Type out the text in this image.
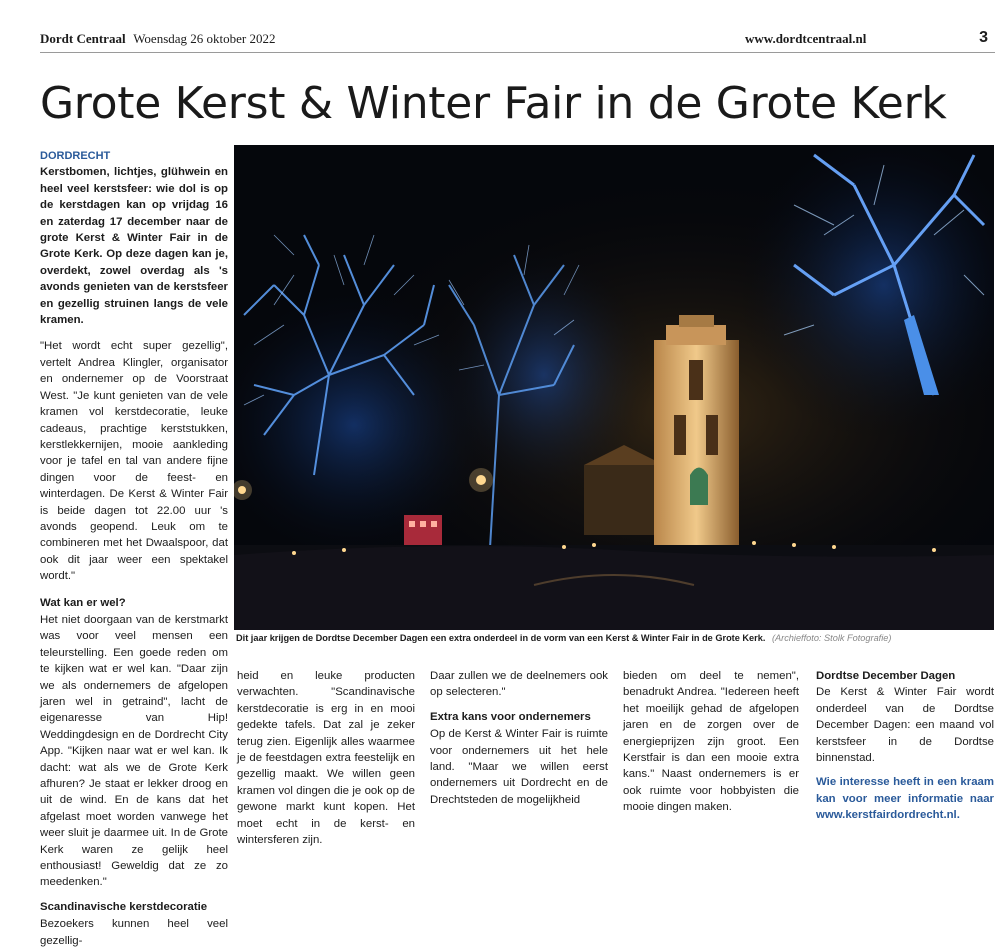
Dordt Centraal Woensdag 26 oktober 2022	www.dordtcentraal.nl	3
Grote Kerst & Winter Fair in de Grote Kerk
DORDRECHT

Kerstbomen, lichtjes, glühwein en heel veel kerstsfeer: wie dol is op de kerstdagen kan op vrijdag 16 en zaterdag 17 december naar de grote Kerst & Winter Fair in de Grote Kerk. Op deze dagen kan je, overdekt, zowel overdag als 's avonds genieten van de kerstsfeer en gezellig struinen langs de vele kramen.

"Het wordt echt super gezellig", vertelt Andrea Klingler, organisator en ondernemer op de Voorstraat West. "Je kunt genieten van de vele kramen vol kerstdecoratie, leuke cadeaus, prachtige kerststukken, kerstlekkernijen, mooie aankleding voor je tafel en tal van andere fijne dingen voor de feest- en winterdagen. De Kerst & Winter Fair is beide dagen tot 22.00 uur 's avonds geopend. Leuk om te combineren met het Dwaalspoor, dat ook dit jaar weer een spektakel wordt."

Wat kan er wel?

Het niet doorgaan van de kerstmarkt was voor veel mensen een teleurstelling. Een goede reden om te kijken wat er wel kan. "Daar zijn we als ondernemers de afgelopen jaren wel in getraind", lacht de eigenaresse van Hip! Weddingdesign en de Dordrecht City App. "Kijken naar wat er wel kan. Ik dacht: wat als we de Grote Kerk afhuren? Je staat er lekker droog en uit de wind. En de kans dat het afgelast moet worden vanwege het weer sluit je daarmee uit. In de Grote Kerk waren ze gelijk heel enthousiast! Geweldig dat ze zo meedenken."

Scandinavische kerstdecoratie

Bezoekers kunnen heel veel gezellig-

Dit jaar krijgen de Dordtse December Dagen een extra onderdeel in de vorm van een Kerst & Winter Fair in de Grote Kerk. (Archieffoto: Stolk Fotografie)

heid en leuke producten verwachten. "Scandinavische kerstdecoratie is erg in en mooi gedekte tafels. Dat zal je zeker terug zien. Eigenlijk alles waarmee je de feestdagen extra feestelijk en gezellig maakt. We willen geen kramen vol dingen die je ook op de gewone markt kunt kopen. Het moet echt in de kerst- en wintersferen zijn.

Daar zullen we de deelnemers ook op selecteren."

Extra kans voor ondernemers

Op de Kerst & Winter Fair is ruimte voor ondernemers uit het hele land. "Maar we willen eerst ondernemers uit Dordrecht en de Drechtsteden de mogelijkheid

bieden om deel te nemen", benadrukt Andrea. "Iedereen heeft het moeilijk gehad de afgelopen jaren en de zorgen over de energieprijzen zijn groot. Een Kerstfair is dan een mooie extra kans." Naast ondernemers is er ook ruimte voor hobbyisten die mooie dingen maken.

Dordtse December Dagen

De Kerst & Winter Fair wordt onderdeel van de Dordtse December Dagen: een maand vol kerstsfeer in de Dordtse binnenstad.

Wie interesse heeft in een kraam kan voor meer informatie naar www.kerstfairdordrecht.nl.
